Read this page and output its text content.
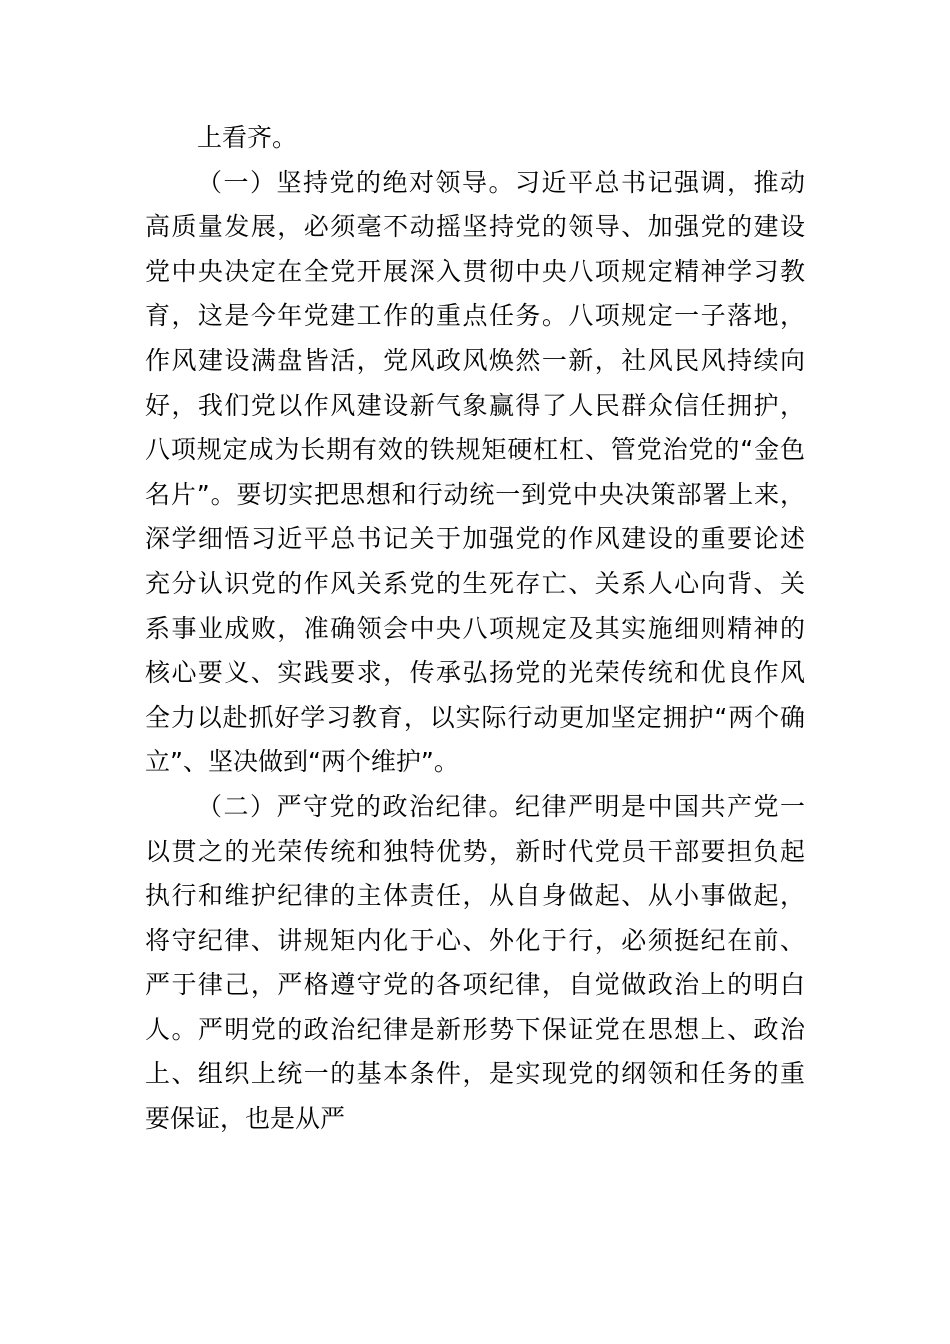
上看齐。
（一）坚持党的绝对领导。习近平总书记强调，推动
高质量发展，必须毫不动摇坚持党的领导、加强党的建设
党中央决定在全党开展深入贯彻中央八项规定精神学习教
育，这是今年党建工作的重点任务。八项规定一子落地，
作风建设满盘皆活，党风政风焕然一新，社风民风持续向
好，我们党以作风建设新气象赢得了人民群众信任拥护，
八项规定成为长期有效的铁规矩硬杠杠、管党治党的“金色
名片”。要切实把思想和行动统一到党中央决策部署上来，
深学细悟习近平总书记关于加强党的作风建设的重要论述
充分认识党的作风关系党的生死存亡、关系人心向背、关
系事业成败，准确领会中央八项规定及其实施细则精神的
核心要义、实践要求，传承弘扬党的光荣传统和优良作风
全力以赴抓好学习教育，以实际行动更加坚定拥护“两个确
立”、坚决做到“两个维护”。
（二）严守党的政治纪律。纪律严明是中国共产党一
以贯之的光荣传统和独特优势，新时代党员干部要担负起
执行和维护纪律的主体责任，从自身做起、从小事做起，
将守纪律、讲规矩内化于心、外化于行，必须挺纪在前、
严于律己，严格遵守党的各项纪律，自觉做政治上的明白
人。严明党的政治纪律是新形势下保证党在思想上、政治
上、组织上统一的基本条件，是实现党的纲领和任务的重
要保证，也是从严
